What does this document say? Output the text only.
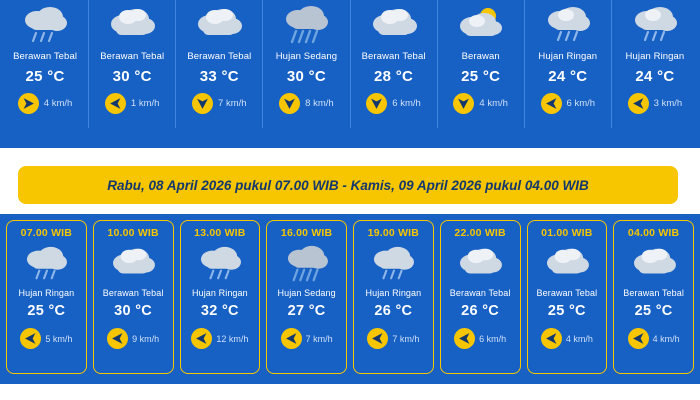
Berawan Tebal
25 °C
4 km/h
Berawan Tebal
30 °C
1 km/h
Berawan Tebal
33 °C
7 km/h
Hujan Sedang
30 °C
8 km/h
Berawan Tebal
28 °C
6 km/h
Berawan
25 °C
4 km/h
Hujan Ringan
24 °C
6 km/h
Hujan Ringan
24 °C
3 km/h
Rabu, 08 April 2026 pukul 07.00 WIB - Kamis, 09 April 2026 pukul 04.00 WIB
07.00 WIB
Hujan Ringan
25 °C
5 km/h
10.00 WIB
Berawan Tebal
30 °C
9 km/h
13.00 WIB
Hujan Ringan
32 °C
12 km/h
16.00 WIB
Hujan Sedang
27 °C
7 km/h
19.00 WIB
Hujan Ringan
26 °C
7 km/h
22.00 WIB
Berawan Tebal
26 °C
6 km/h
01.00 WIB
Berawan Tebal
25 °C
4 km/h
04.00 WIB
Berawan Tebal
25 °C
4 km/h
